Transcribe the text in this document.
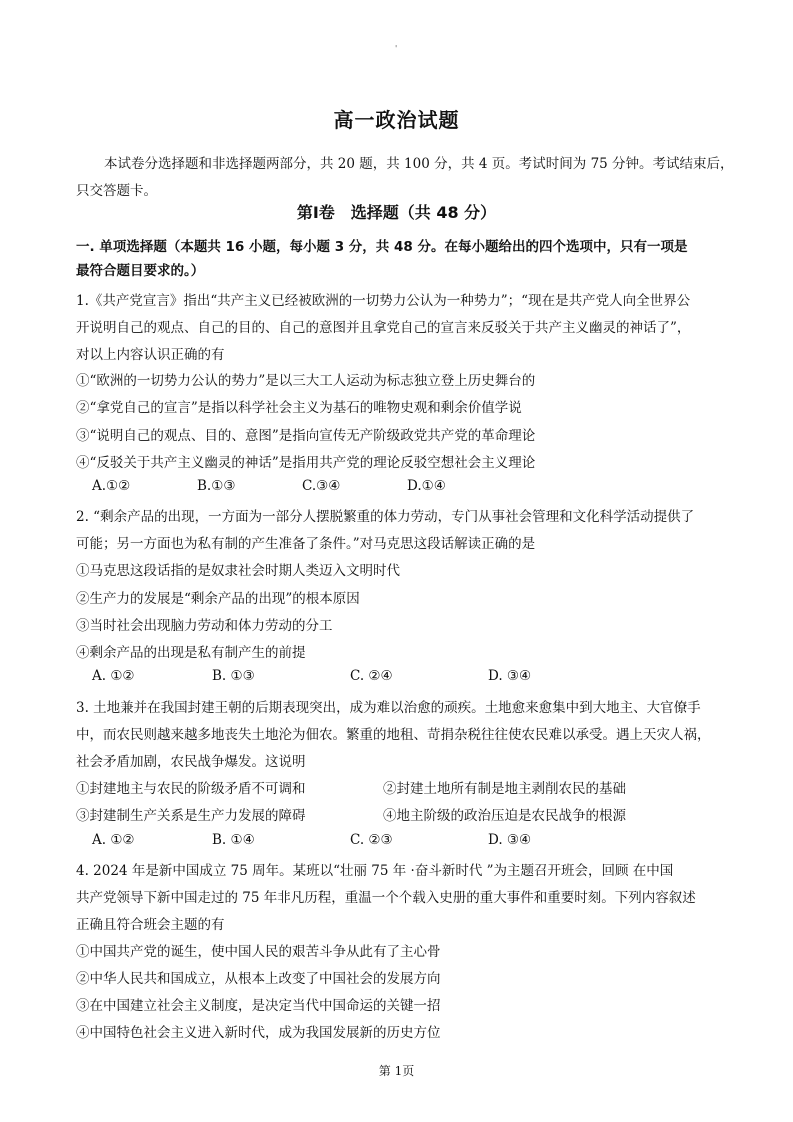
'
高一政治试题
本试卷分选择题和非选择题两部分，共 20 题，共 100 分，共 4 页。考试时间为 75 分钟。考试结束后，
只交答题卡。
第Ⅰ卷　选择题（共 48 分）
一. 单项选择题（本题共 16 小题，每小题 3 分，共 48 分。在每小题给出的四个选项中，只有一项是
最符合题目要求的。）
1.《共产党宣言》指出“共产主义已经被欧洲的一切势力公认为一种势力”；“现在是共产党人向全世界公
开说明自己的观点、自己的目的、自己的意图并且拿党自己的宣言来反驳关于共产主义幽灵的神话了”，
对以上内容认识正确的有
①“欧洲的一切势力公认的势力”是以三大工人运动为标志独立登上历史舞台的
②“拿党自己的宣言”是指以科学社会主义为基石的唯物史观和剩余价值学说
③“说明自己的观点、目的、意图”是指向宣传无产阶级政党共产党的革命理论
④“反驳关于共产主义幽灵的神话”是指用共产党的理论反驳空想社会主义理论
A.①②	B.①③	C.③④	D.①④
2. “剩余产品的出现，一方面为一部分人摆脱繁重的体力劳动，专门从事社会管理和文化科学活动提供了
可能；另一方面也为私有制的产生准备了条件。”对马克思这段话解读正确的是
①马克思这段话指的是奴隶社会时期人类迈入文明时代
②生产力的发展是“剩余产品的出现”的根本原因
③当时社会出现脑力劳动和体力劳动的分工
④剩余产品的出现是私有制产生的前提
A. ①②	B. ①③	C. ②④	D. ③④
3. 土地兼并在我国封建王朝的后期表现突出，成为难以治愈的顽疾。土地愈来愈集中到大地主、大官僚手
中，而农民则越来越多地丧失土地沦为佃农。繁重的地租、苛捐杂税往往使农民难以承受。遇上天灾人祸，
社会矛盾加剧，农民战争爆发。这说明
①封建地主与农民的阶级矛盾不可调和	②封建土地所有制是地主剥削农民的基础
③封建制生产关系是生产力发展的障碍	④地主阶级的政治压迫是农民战争的根源
A. ①②	B. ①④	C. ②③	D. ③④
4. 2024 年是新中国成立 75 周年。某班以“壮丽 75 年 ·奋斗新时代 ”为主题召开班会，回顾 在中国
共产党领导下新中国走过的 75 年非凡历程，重温一个个载入史册的重大事件和重要时刻。下列内容叙述
正确且符合班会主题的有
①中国共产党的诞生，使中国人民的艰苦斗争从此有了主心骨
②中华人民共和国成立，从根本上改变了中国社会的发展方向
③在中国建立社会主义制度，是决定当代中国命运的关键一招
④中国特色社会主义进入新时代，成为我国发展新的历史方位
第 1页
